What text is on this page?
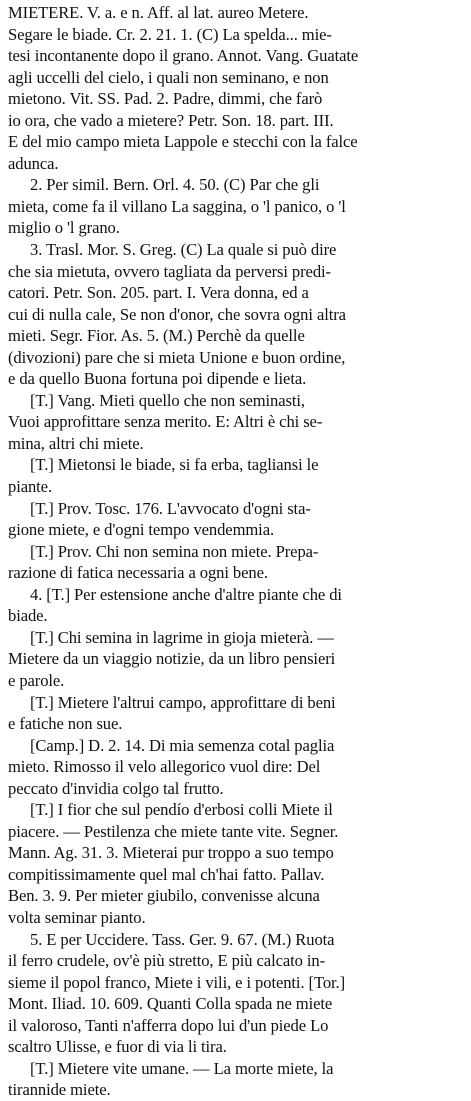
MIETERE. V. a. e n. Aff. al lat. aureo Metere.
Segare le biade. Cr. 2. 21. 1. (C) La spelda... mie-
tesi incontanente dopo il grano. Annot. Vang. Guatate
agli uccelli del cielo, i quali non seminano, e non
mietono. Vit. SS. Pad. 2. Padre, dimmi, che farò
io ora, che vado a mietere? Petr. Son. 18. part. III.
E del mio campo mieta Lappole e stecchi con la falce
adunca.
2. Per simil. Bern. Orl. 4. 50. (C) Par che gli
mieta, come fa il villano La saggina, o 'l panico, o 'l
miglio o 'l grano.
3. Trasl. Mor. S. Greg. (C) La quale si può dire
che sia mietuta, ovvero tagliata da perversi predi-
catori. Petr. Son. 205. part. I. Vera donna, ed a
cui di nulla cale, Se non d'onor, che sovra ogni altra
mieti. Segr. Fior. As. 5. (M.) Perchè da quelle
(divozioni) pare che si mieta Unione e buon ordine,
e da quello Buona fortuna poi dipende e lieta.
[T.] Vang. Mieti quello che non seminasti,
Vuoi approfittare senza merito. E: Altri è chi se-
mina, altri chi miete.
[T.] Mietonsi le biade, si fa erba, tagliansi le
piante.
[T.] Prov. Tosc. 176. L'avvocato d'ogni sta-
gione miete, e d'ogni tempo vendemmia.
[T.] Prov. Chi non semina non miete. Prepa-
razione di fatica necessaria a ogni bene.
4. [T.] Per estensione anche d'altre piante che di
biade.
[T.] Chi semina in lagrime in gioja mieterà. —
Mietere da un viaggio notizie, da un libro pensieri
e parole.
[T.] Mietere l'altrui campo, approfittare di beni
e fatiche non sue.
[Camp.] D. 2. 14. Di mia semenza cotal paglia
mieto. Rimosso il velo allegorico vuol dire: Del
peccato d'invidia colgo tal frutto.
[T.] I fior che sul pendío d'erbosi colli Miete il
piacere. — Pestilenza che miete tante vite. Segner.
Mann. Ag. 31. 3. Mieterai pur troppo a suo tempo
compitissimamente quel mal ch'hai fatto. Pallav.
Ben. 3. 9. Per mieter giubilo, convenisse alcuna
volta seminar pianto.
5. E per Uccidere. Tass. Ger. 9. 67. (M.) Ruota
il ferro crudele, ov'è più stretto, E più calcato in-
sieme il popol franco, Miete i vili, e i potenti. [Tor.]
Mont. Iliad. 10. 609. Quanti Colla spada ne miete
il valoroso, Tanti n'afferra dopo lui d'un piede Lo
scaltro Ulisse, e fuor di via li tira.
[T.] Mietere vite umane. — La morte miete, la
tirannide miete.
